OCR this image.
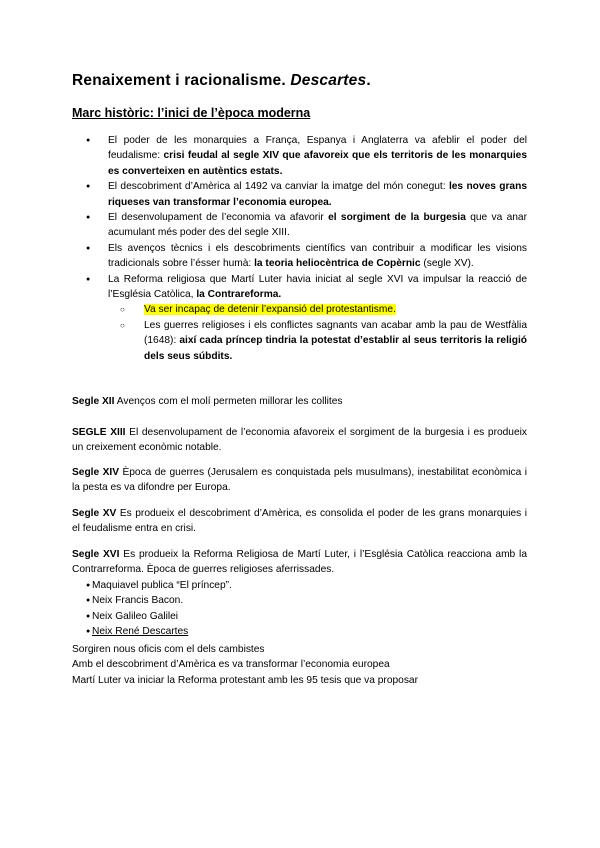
Renaixement i racionalisme. Descartes.
Marc històric: l’inici de l’època moderna
● El poder de les monarquies a França, Espanya i Anglaterra va afeblir el poder del feudalisme: crisi feudal al segle XIV que afavoreix que els territoris de les monarquies es converteixen en autèntics estats.
● El descobriment d’Amèrica al 1492 va canviar la imatge del món conegut: les noves grans riqueses van transformar l’economia europea.
● El desenvolupament de l’economia va afavorir el sorgiment de la burgesia que va anar acumulant més poder des del segle XIII.
● Els avenços tècnics i els descobriments científics van contribuir a modificar les visions tradicionals sobre l’ésser humà: la teoria heliocèntrica de Copèrnic (segle XV).
● La Reforma religiosa que Martí Luter havia iniciat al segle XVI va impulsar la reacció de l’Església Catòlica, la Contrareforma.
○ Va ser incapaç de detenir l’expansió del protestantisme.
○ Les guerres religioses i els conflictes sagnants van acabar amb la pau de Westfàlia (1648): així cada príncep tindria la potestat d’establir al seus territoris la religió dels seus súbdits.
Segle XII Avenços com el molí permeten millorar les collites
SEGLE XIII El desenvolupament de l’economia afavoreix el sorgiment de la burgesia i es produeix un creixement econòmic notable.
Segle XIV Època de guerres (Jerusalem es conquistada pels musulmans), inestabilitat econòmica i la pesta es va difondre per Europa.
Segle XV Es produeix el descobriment d’Amèrica, es consolida el poder de les grans monarquies i el feudalisme entra en crisi.
Segle XVI Es produeix la Reforma Religiosa de Martí Luter, i l’Església Catòlica reacciona amb la Contrarreforma. Època de guerres religioses aferrissades.
● Maquiavel publica “El príncep”.
● Neix Francis Bacon.
● Neix Galileo Galilei
● Neix René Descartes
Sorgiren nous oficis com el dels cambistes
Amb el descobriment d’Amèrica es va transformar l’economia europea
Martí Luter va iniciar la Reforma protestant amb les 95 tesis que va proposar
